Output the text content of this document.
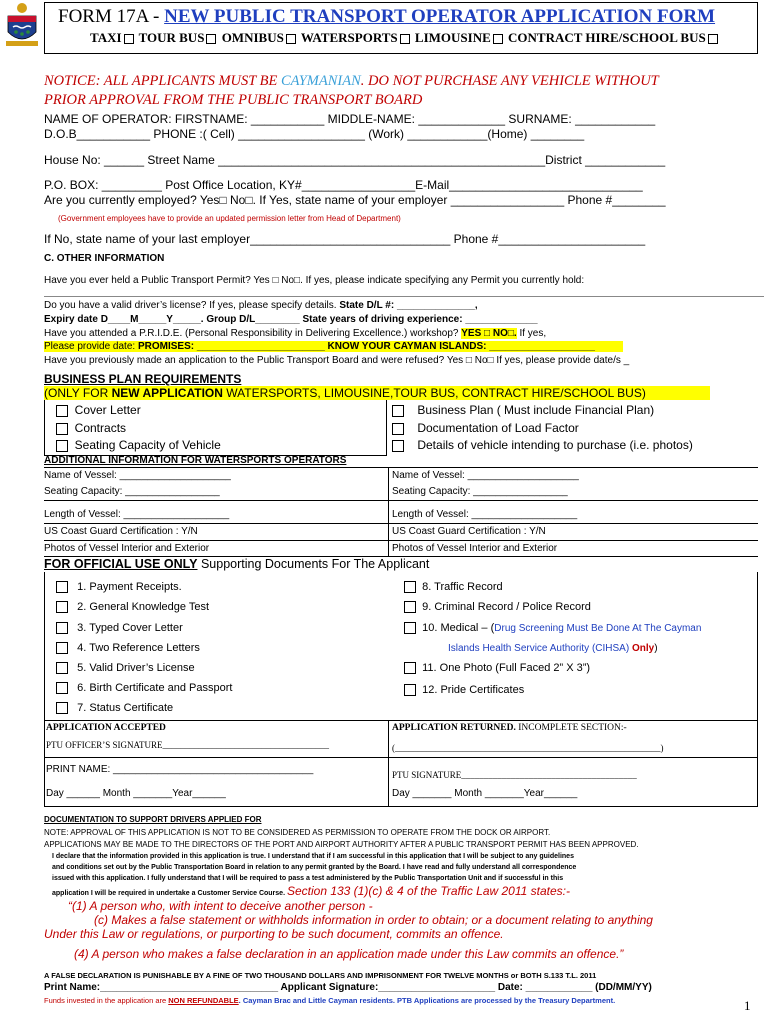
FORM 17A - NEW PUBLIC TRANSPORT OPERATOR APPLICATION FORM
TAXI TOUR BUS OMNIBUS WATERSPORTS LIMOUSINE CONTRACT HIRE/SCHOOL BUS
NOTICE: ALL APPLICANTS MUST BE CAYMANIAN. DO NOT PURCHASE ANY VEHICLE WITHOUT
PRIOR APPROVAL FROM THE PUBLIC TRANSPORT BOARD
NAME OF OPERATOR: FIRSTNAME: ___________ MIDDLE-NAME: _____________ SURNAME: ____________
D.O.B___________ PHONE :( Cell) ___________________ (Work) ____________(Home) ________
House No: ______ Street Name _________________________________________________District ____________
P.O. BOX: _________ Post Office Location, KY#_________________E-Mail_____________________________
Are you currently employed? Yes□ No□. If Yes, state name of your employer _________________ Phone #________
(Government employees have to provide an updated permission letter from Head of Department)
If No, state name of your last employer______________________________ Phone #______________________
C. OTHER INFORMATION
Have you ever held a Public Transport Permit? Yes □ No□. If yes, please indicate specifying any Permit you currently hold:
Do you have a valid driver’s license? If yes, please specify details. State D/L #: ______________,
Expiry date D____M_____Y_____. Group D/L________ State years of driving experience: _____________
Have you attended a P.R.I.D.E. (Personal Responsibility in Delivering Excellence.) workshop? YES □ NO□. If yes,
Please provide date: PROMISES: _______________________ KNOW YOUR CAYMAN ISLANDS: ___________________
Have you previously made an application to the Public Transport Board and were refused? Yes □ No□ If yes, please provide date/s _
BUSINESS PLAN REQUIREMENTS
(ONLY FOR NEW APPLICATION WATERSPORTS, LIMOUSINE,TOUR BUS, CONTRACT HIRE/SCHOOL BUS)
Cover Letter
Contracts
Seating Capacity of Vehicle
Business Plan ( Must include Financial Plan)
Documentation of Load Factor
Details of vehicle intending to purchase (i.e. photos)
ADDITIONAL INFORMATION FOR WATERSPORTS OPERATORS
Name of Vessel: ____________________
Seating Capacity: _________________
Length of Vessel: ___________________
US Coast Guard Certification : Y/N
Photos of Vessel Interior and Exterior
Name of Vessel: ____________________
Seating Capacity: _________________
Length of Vessel: ___________________
US Coast Guard Certification : Y/N
Photos of Vessel Interior and Exterior
FOR OFFICIAL USE ONLY Supporting Documents For The Applicant
1. Payment Receipts.
2. General Knowledge Test
3. Typed Cover Letter
4. Two Reference Letters
5. Valid Driver’s License
6. Birth Certificate and Passport
7. Status Certificate
8. Traffic Record
9. Criminal Record / Police Record
10. Medical – (Drug Screening Must Be Done At The Cayman
Islands Health Service Authority (CIHSA) Only)
11. One Photo (Full Faced 2” X 3”)
12. Pride Certificates
APPLICATION ACCEPTED
PTU OFFICER’S SIGNATURE_____________________________________
PRINT NAME: ____________________________________
Day ______ Month _______Year______
APPLICATION RETURNED. INCOMPLETE SECTION:-
(___________________________________________________________)
PTU SIGNATURE_______________________________________
Day _______ Month _______Year______
DOCUMENTATION TO SUPPORT DRIVERS APPLIED FOR
NOTE: APPROVAL OF THIS APPLICATION IS NOT TO BE CONSIDERED AS PERMISSION TO OPERATE FROM THE DOCK OR AIRPORT.
APPLICATIONS MAY BE MADE TO THE DIRECTORS OF THE PORT AND AIRPORT AUTHORITY AFTER A PUBLIC TRANSPORT PERMIT HAS BEEN APPROVED.
I declare that the information provided in this application is true. I understand that if I am successful in this application that I will be subject to any guidelines
and conditions set out by the Public Transportation Board in relation to any permit granted by the Board. I have read and fully understand all correspondence
issued with this application. I fully understand that I will be required to pass a test administered by the Public Transportation Unit and if successful in this
application I will be required in undertake a Customer Service Course. Section 133 (1)(c) & 4 of the Traffic Law 2011 states:-
“(1) A person who, with intent to deceive another person -
(c) Makes a false statement or withholds information in order to obtain; or a document relating to anything
Under this Law or regulations, or purporting to be such document, commits an offence.
(4) A person who makes a false declaration in an application made under this Law commits an offence.”
A FALSE DECLARATION IS PUNISHABLE BY A FINE OF TWO THOUSAND DOLLARS AND IMPRISONMENT FOR TWELVE MONTHS or BOTH S.133 T.L. 2011
Print Name:________________________________ Applicant Signature:_____________________ Date: ____________ (DD/MM/YY)
Funds invested in the application are NON REFUNDABLE. Cayman Brac and Little Cayman residents. PTB Applications are processed by the Treasury Department.	1
